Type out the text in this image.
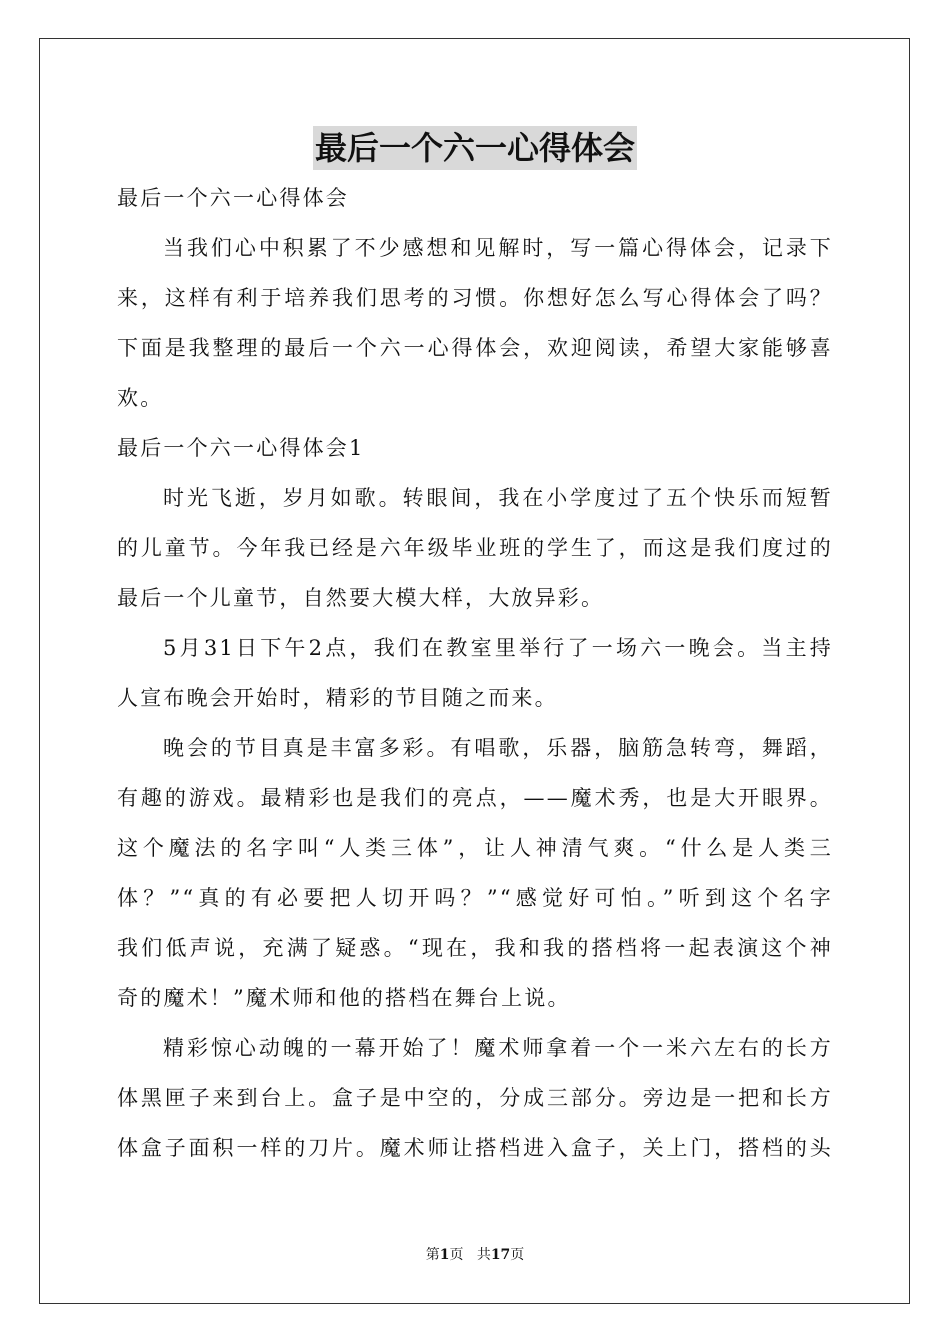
最后一个六一心得体会
最后一个六一心得体会
当我们心中积累了不少感想和见解时，写一篇心得体会，记录下
来，这样有利于培养我们思考的习惯。你想好怎么写心得体会了吗？
下面是我整理的最后一个六一心得体会，欢迎阅读，希望大家能够喜
欢。
最后一个六一心得体会1
时光飞逝，岁月如歌。转眼间，我在小学度过了五个快乐而短暂
的儿童节。今年我已经是六年级毕业班的学生了，而这是我们度过的
最后一个儿童节，自然要大模大样，大放异彩。
5月31日下午2点，我们在教室里举行了一场六一晚会。当主持
人宣布晚会开始时，精彩的节目随之而来。
晚会的节目真是丰富多彩。有唱歌，乐器，脑筋急转弯，舞蹈，
有趣的游戏。最精彩也是我们的亮点，——魔术秀，也是大开眼界。
这个魔法的名字叫“人类三体”，让人神清气爽。“什么是人类三
体？”“真的有必要把人切开吗？”“感觉好可怕。”听到这个名字
我们低声说，充满了疑惑。“现在，我和我的搭档将一起表演这个神
奇的魔术！”魔术师和他的搭档在舞台上说。
精彩惊心动魄的一幕开始了！魔术师拿着一个一米六左右的长方
体黑匣子来到台上。盒子是中空的，分成三部分。旁边是一把和长方
体盒子面积一样的刀片。魔术师让搭档进入盒子，关上门，搭档的头
第1页 共17页
